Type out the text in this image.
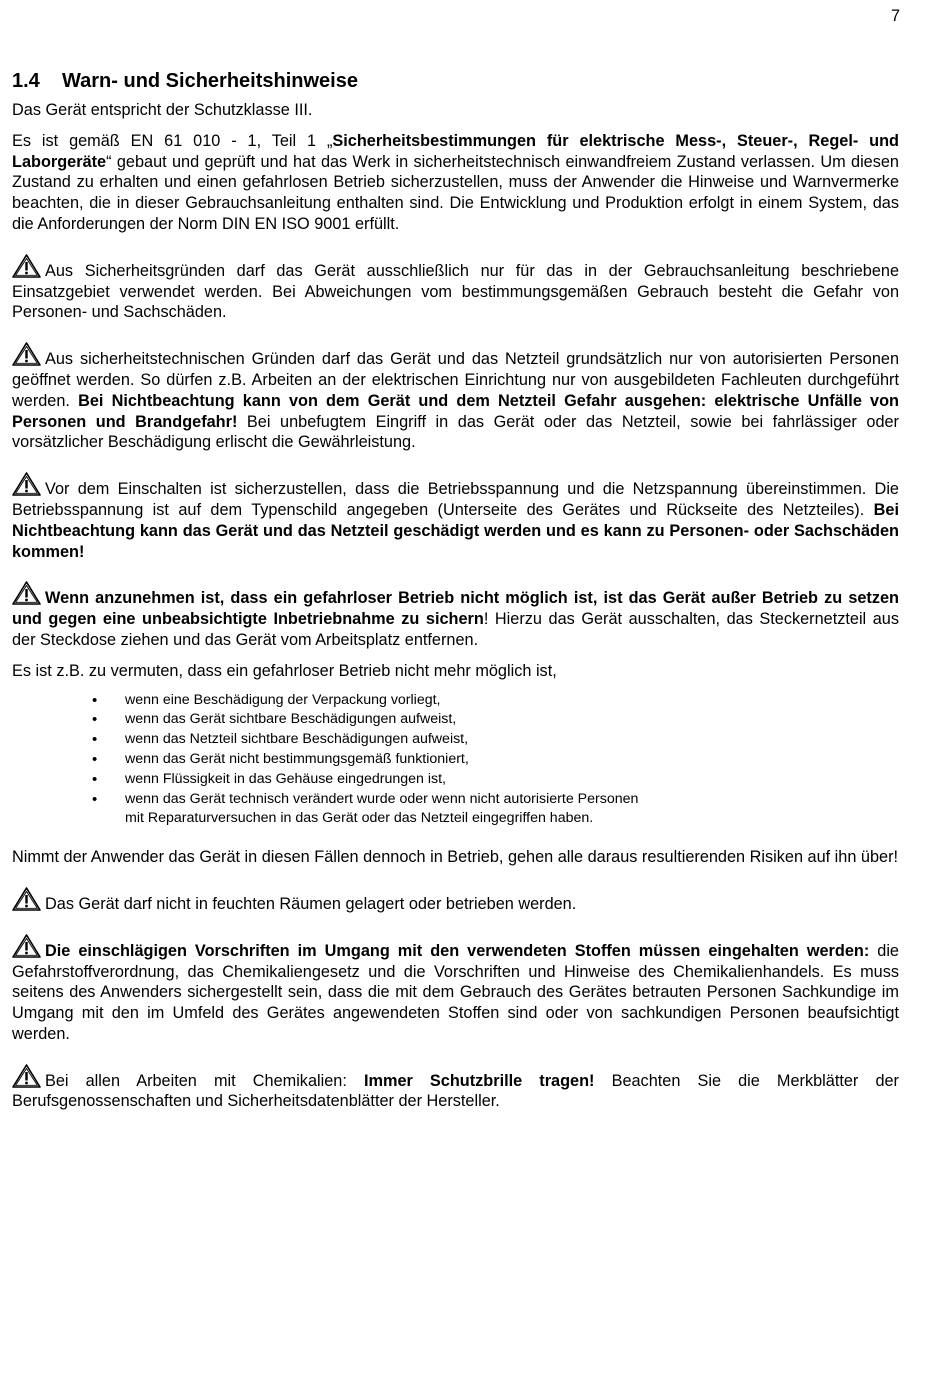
7
1.4 Warn- und Sicherheitshinweise

Das Gerät entspricht der Schutzklasse III.

Es ist gemäß EN 61 010 - 1, Teil 1 „Sicherheitsbestimmungen für elektrische Mess-, Steuer-, Regel- und Laborgeräte“ gebaut und geprüft und hat das Werk in sicherheitstechnisch einwandfreiem Zustand verlassen. Um diesen Zustand zu erhalten und einen gefahrlosen Betrieb sicherzustellen, muss der Anwender die Hinweise und Warnvermerke beachten, die in dieser Gebrauchsanleitung enthalten sind. Die Entwicklung und Produktion erfolgt in einem System, das die Anforderungen der Norm DIN EN ISO 9001 erfüllt.

Aus Sicherheitsgründen darf das Gerät ausschließlich nur für das in der Gebrauchsanleitung beschriebene Einsatzgebiet verwendet werden. Bei Abweichungen vom bestimmungsgemäßen Gebrauch besteht die Gefahr von Personen- und Sachschäden.

Aus sicherheitstechnischen Gründen darf das Gerät und das Netzteil grundsätzlich nur von autorisierten Personen geöffnet werden. So dürfen z.B. Arbeiten an der elektrischen Einrichtung nur von ausgebildeten Fachleuten durchgeführt werden. Bei Nichtbeachtung kann von dem Gerät und dem Netzteil Gefahr ausgehen: elektrische Unfälle von Personen und Brandgefahr! Bei unbefugtem Eingriff in das Gerät oder das Netzteil, sowie bei fahrlässiger oder vorsätzlicher Beschädigung erlischt die Gewährleistung.

Vor dem Einschalten ist sicherzustellen, dass die Betriebsspannung und die Netzspannung übereinstimmen. Die Betriebsspannung ist auf dem Typenschild angegeben (Unterseite des Gerätes und Rückseite des Netzteiles). Bei Nichtbeachtung kann das Gerät und das Netzteil geschädigt werden und es kann zu Personen- oder Sachschäden kommen!

Wenn anzunehmen ist, dass ein gefahrloser Betrieb nicht möglich ist, ist das Gerät außer Betrieb zu setzen und gegen eine unbeabsichtigte Inbetriebnahme zu sichern! Hierzu das Gerät ausschalten, das Steckernetzteil aus der Steckdose ziehen und das Gerät vom Arbeitsplatz entfernen.

Es ist z.B. zu vermuten, dass ein gefahrloser Betrieb nicht mehr möglich ist,

• wenn eine Beschädigung der Verpackung vorliegt,
• wenn das Gerät sichtbare Beschädigungen aufweist,
• wenn das Netzteil sichtbare Beschädigungen aufweist,
• wenn das Gerät nicht bestimmungsgemäß funktioniert,
• wenn Flüssigkeit in das Gehäuse eingedrungen ist,
• wenn das Gerät technisch verändert wurde oder wenn nicht autorisierte Personen
mit Reparaturversuchen in das Gerät oder das Netzteil eingegriffen haben.

Nimmt der Anwender das Gerät in diesen Fällen dennoch in Betrieb, gehen alle daraus resultierenden Risiken auf ihn über!

Das Gerät darf nicht in feuchten Räumen gelagert oder betrieben werden.

Die einschlägigen Vorschriften im Umgang mit den verwendeten Stoffen müssen eingehalten werden: die Gefahrstoffverordnung, das Chemikaliengesetz und die Vorschriften und Hinweise des Chemikalienhandels. Es muss seitens des Anwenders sichergestellt sein, dass die mit dem Gebrauch des Gerätes betrauten Personen Sachkundige im Umgang mit den im Umfeld des Gerätes angewendeten Stoffen sind oder von sachkundigen Personen beaufsichtigt werden.

Bei allen Arbeiten mit Chemikalien: Immer Schutzbrille tragen! Beachten Sie die Merkblätter der Berufsgenossenschaften und Sicherheitsdatenblätter der Hersteller.
